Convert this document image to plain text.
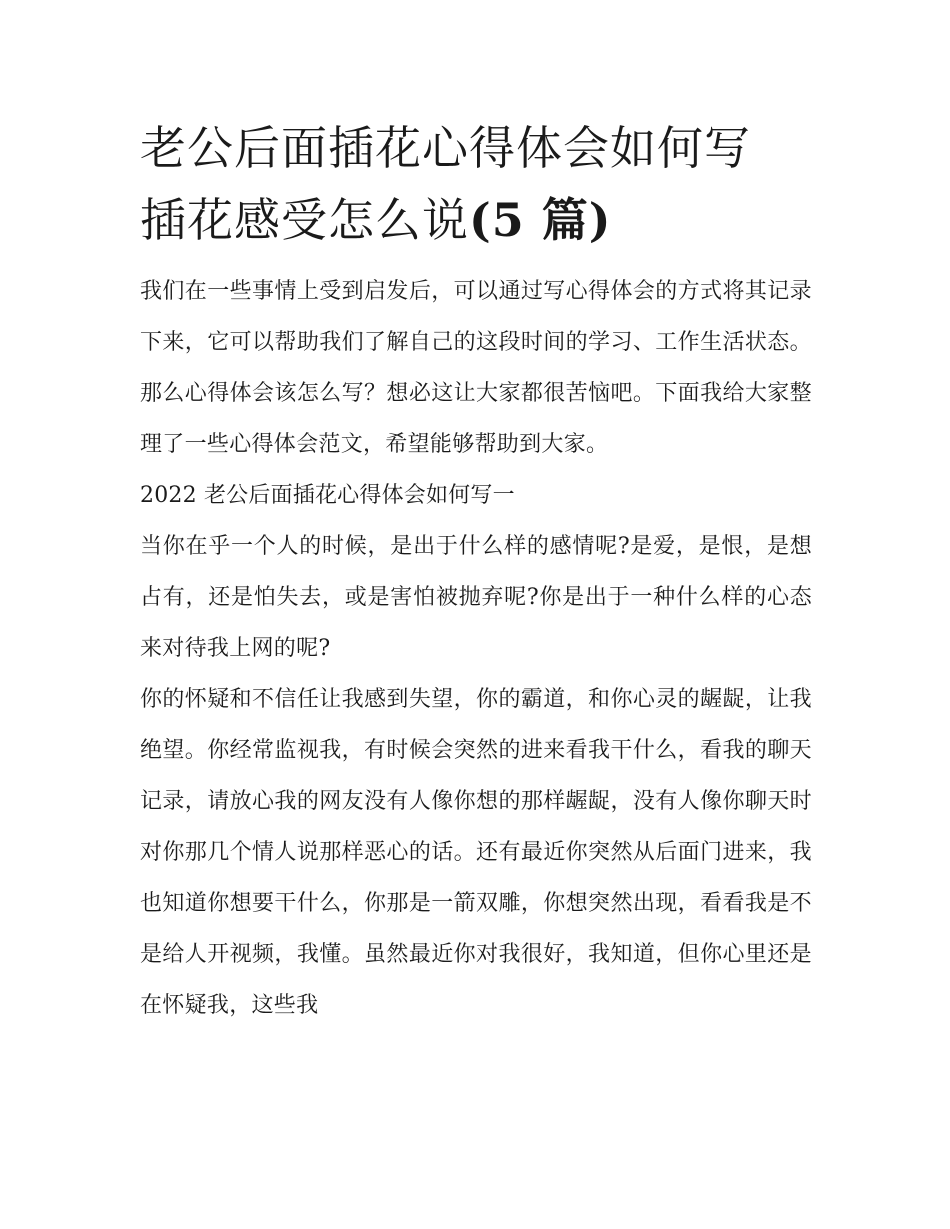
老公后面插花心得体会如何写
插花感受怎么说(5 篇)

我们在一些事情上受到启发后，可以通过写心得体会的方式将其记录下来，它可以帮助我们了解自己的这段时间的学习、工作生活状态。那么心得体会该怎么写？想必这让大家都很苦恼吧。下面我给大家整理了一些心得体会范文，希望能够帮助到大家。

2022 老公后面插花心得体会如何写一

当你在乎一个人的时候，是出于什么样的感情呢?是爱，是恨，是想占有，还是怕失去，或是害怕被抛弃呢?你是出于一种什么样的心态来对待我上网的呢?

你的怀疑和不信任让我感到失望，你的霸道，和你心灵的龌龊，让我绝望。你经常监视我，有时候会突然的进来看我干什么，看我的聊天记录，请放心我的网友没有人像你想的那样龌龊，没有人像你聊天时对你那几个情人说那样恶心的话。还有最近你突然从后面门进来，我也知道你想要干什么，你那是一箭双雕，你想突然出现，看看我是不是给人开视频，我懂。虽然最近你对我很好，我知道，但你心里还是在怀疑我，这些我
